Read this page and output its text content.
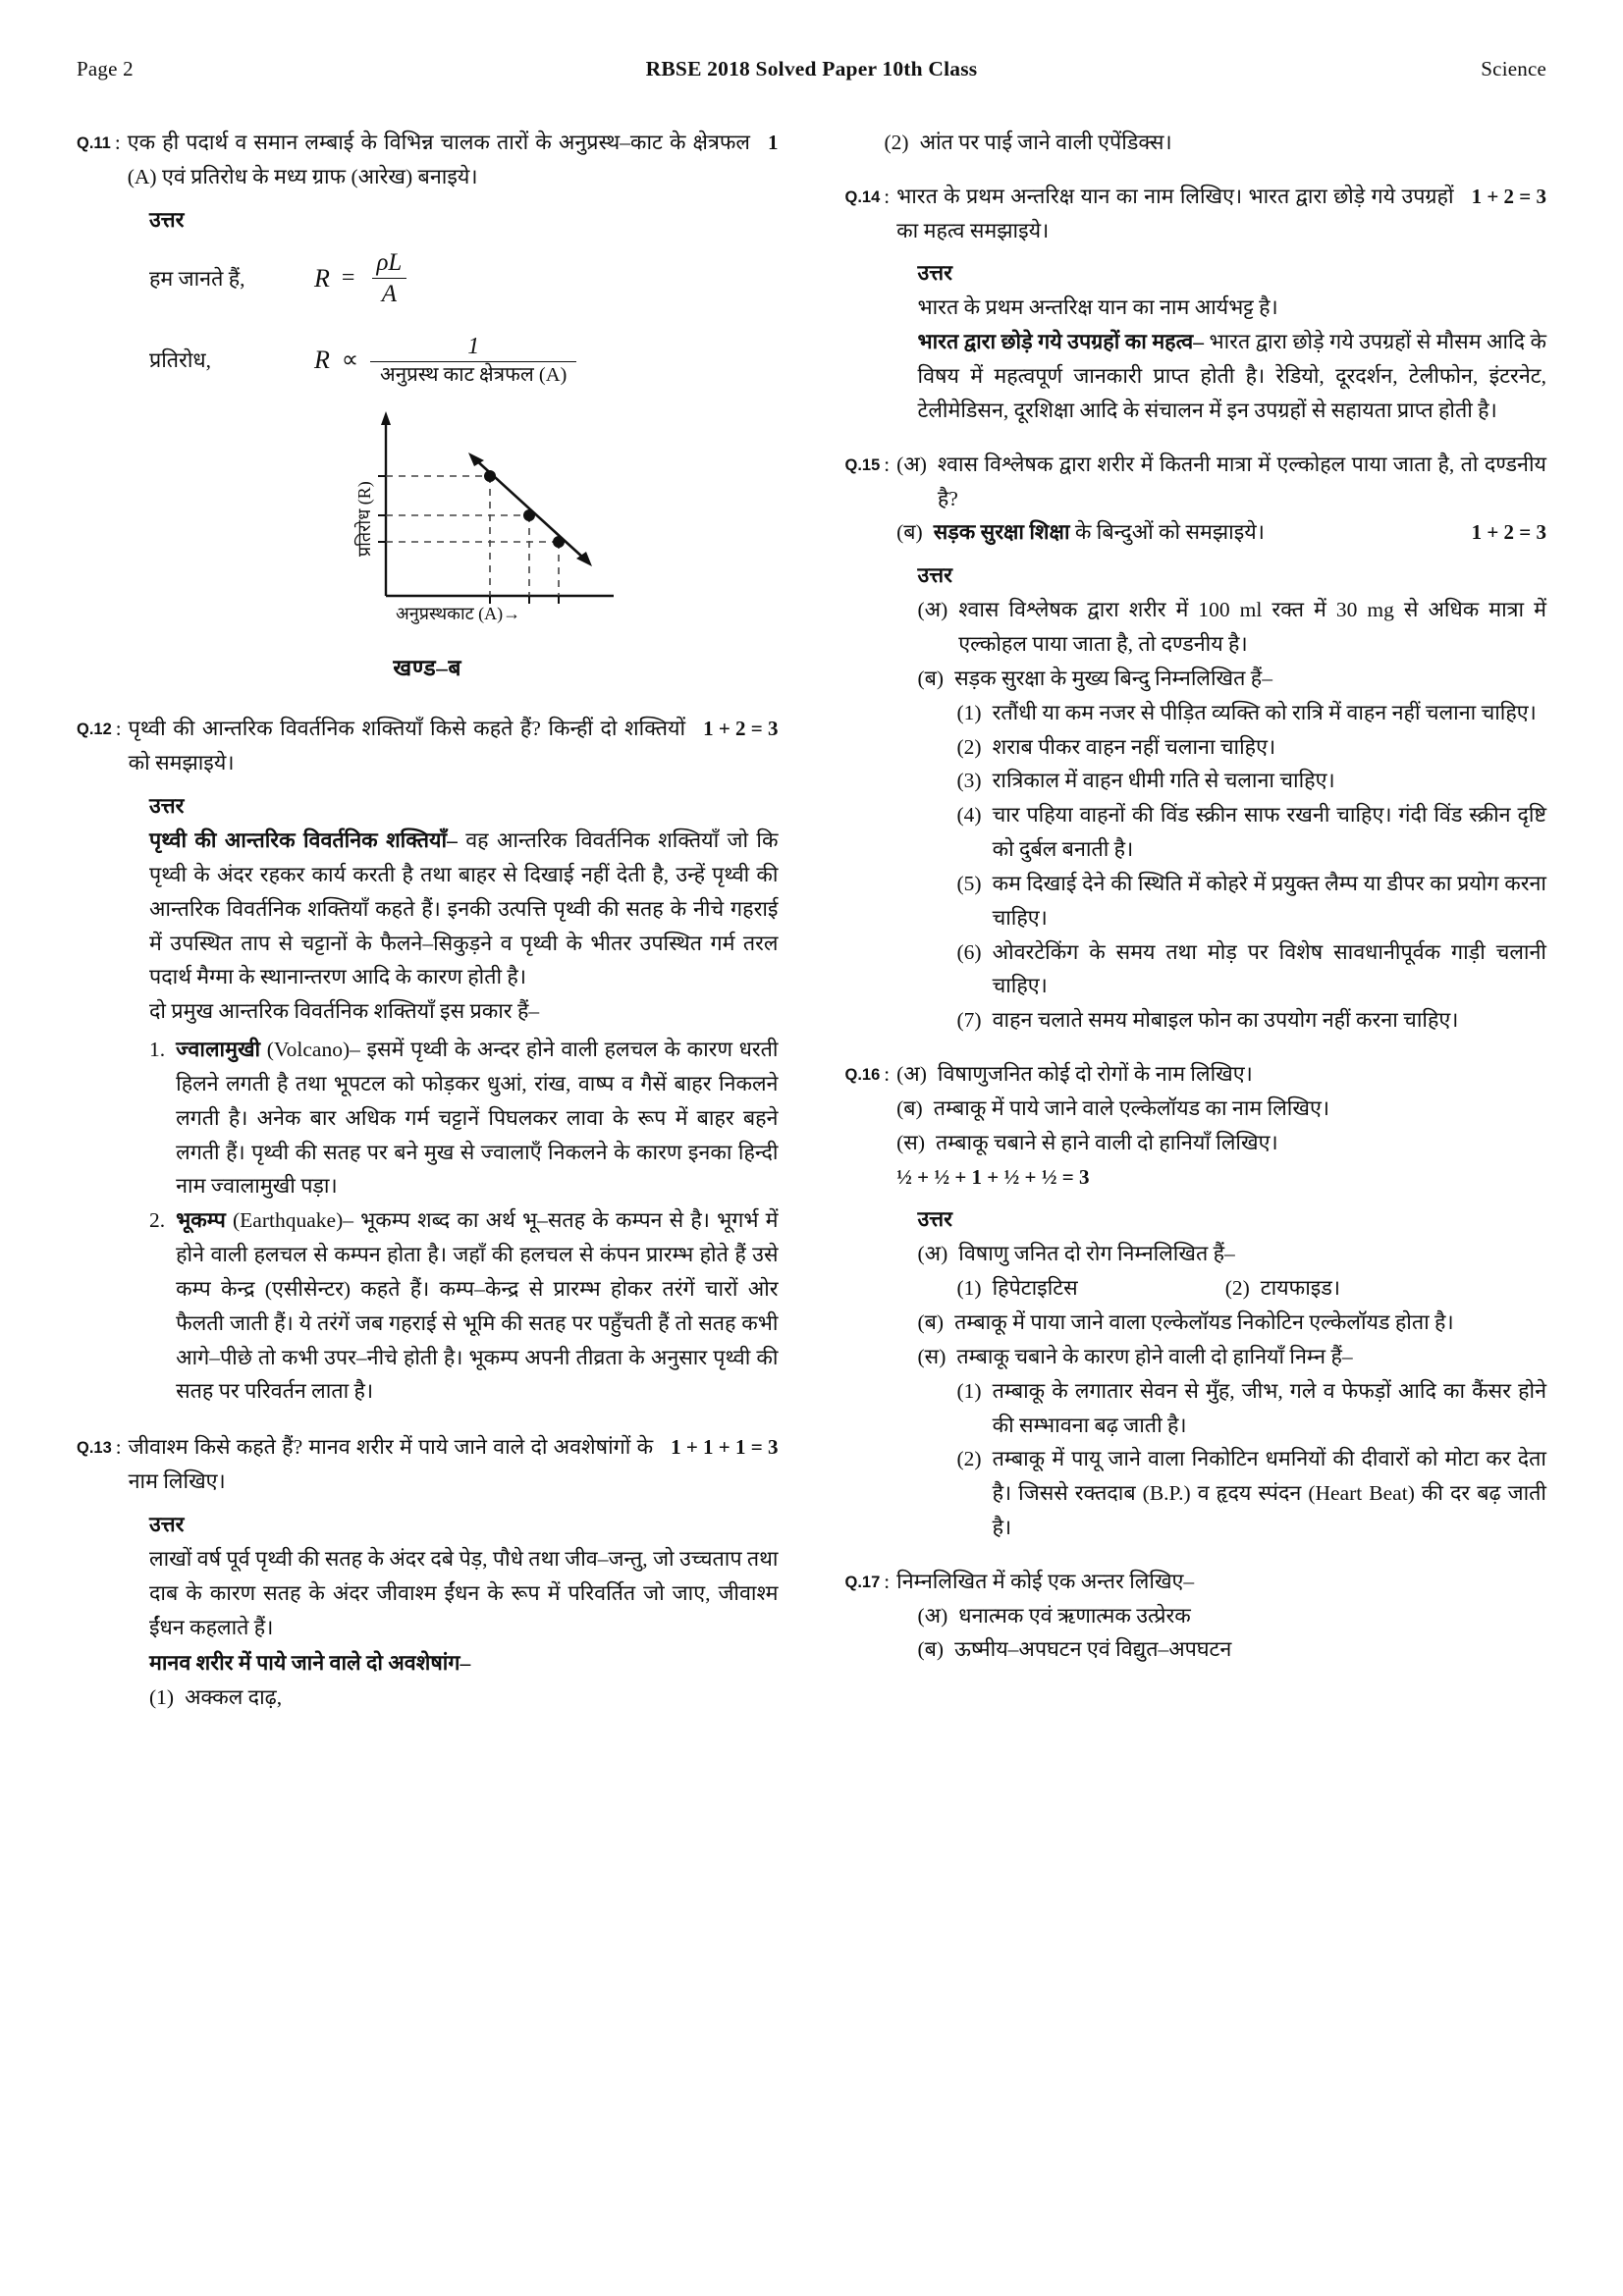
Page 2	RBSE 2018 Solved Paper 10th Class	Science
Q.11 :	1
एक ही पदार्थ व समान लम्बाई के विभिन्न चालक तारों के अनुप्रस्थ–काट के क्षेत्रफल (A) एवं प्रतिरोध के मध्य ग्राफ (आरेख) बनाइये।
उत्तर
हम जानते हैं,	$R = \frac{\rho L}{A}$
प्रतिरोध,	$R \propto \frac{1}{\text{अनुप्रस्थ काट क्षेत्रफल (A)}}$
प्रतिरोध (R)
अनुप्रस्थकाट (A)→
खण्ड–ब
Q.12 :	1 + 2 = 3
पृथ्वी की आन्तरिक विवर्तनिक शक्तियाँ किसे कहते हैं? किन्हीं दो शक्तियों को समझाइये।
उत्तर

पृथ्वी की आन्तरिक विवर्तनिक शक्तियाँ– वह आन्तरिक विवर्तनिक शक्तियाँ जो कि पृथ्वी के अंदर रहकर कार्य करती है तथा बाहर से दिखाई नहीं देती है, उन्हें पृथ्वी की आन्तरिक विवर्तनिक शक्तियाँ कहते हैं। इनकी उत्पत्ति पृथ्वी की सतह के नीचे गहराई में उपस्थित ताप से चट्टानों के फैलने–सिकुड़ने व पृथ्वी के भीतर उपस्थित गर्म तरल पदार्थ मैग्मा के स्थानान्तरण आदि के कारण होती है।

दो प्रमुख आन्तरिक विवर्तनिक शक्तियाँ इस प्रकार हैं–

1. ज्वालामुखी (Volcano)– इसमें पृथ्वी के अन्दर होने वाली हलचल के कारण धरती हिलने लगती है तथा भूपटल को फोड़कर धुआं, रांख, वाष्प व गैसें बाहर निकलने लगती है। अनेक बार अधिक गर्म चट्टानें पिघलकर लावा के रूप में बाहर बहने लगती हैं। पृथ्वी की सतह पर बने मुख से ज्वालाएँ निकलने के कारण इनका हिन्दी नाम ज्वालामुखी पड़ा।
2. भूकम्प (Earthquake)– भूकम्प शब्द का अर्थ भू–सतह के कम्पन से है। भूगर्भ में होने वाली हलचल से कम्पन होता है। जहाँ की हलचल से कंपन प्रारम्भ होते हैं उसे कम्प केन्द्र (एसीसेन्टर) कहते हैं। कम्प–केन्द्र से प्रारम्भ होकर तरंगें चारों ओर फैलती जाती हैं। ये तरंगें जब गहराई से भूमि की सतह पर पहुँचती हैं तो सतह कभी आगे–पीछे तो कभी उपर–नीचे होती है। भूकम्प अपनी तीव्रता के अनुसार पृथ्वी की सतह पर परिवर्तन लाता है।
Q.13 :	1 + 1 + 1 = 3
जीवाश्म किसे कहते हैं? मानव शरीर में पाये जाने वाले दो अवशेषांगों के नाम लिखिए।
उत्तर

लाखों वर्ष पूर्व पृथ्वी की सतह के अंदर दबे पेड़, पौधे तथा जीव–जन्तु, जो उच्चताप तथा दाब के कारण सतह के अंदर जीवाश्म ईंधन के रूप में परिवर्तित जो जाए, जीवाश्म ईंधन कहलाते हैं।

मानव शरीर में पाये जाने वाले दो अवशेषांग–

(1) अक्कल दाढ़,
(2) आंत पर पाई जाने वाली एपेंडिक्स।
Q.14 :	1 + 2 = 3
भारत के प्रथम अन्तरिक्ष यान का नाम लिखिए। भारत द्वारा छोड़े गये उपग्रहों का महत्व समझाइये।
उत्तर

भारत के प्रथम अन्तरिक्ष यान का नाम आर्यभट्ट है।

भारत द्वारा छोड़े गये उपग्रहों का महत्व– भारत द्वारा छोड़े गये उपग्रहों से मौसम आदि के विषय में महत्वपूर्ण जानकारी प्राप्त होती है। रेडियो, दूरदर्शन, टेलीफोन, इंटरनेट, टेलीमेडिसन, दूरशिक्षा आदि के संचालन में इन उपग्रहों से सहायता प्राप्त होती है।

Q.15 : (अ) श्वास विश्लेषक द्वारा शरीर में कितनी मात्रा में एल्कोहल पाया जाता है, तो दण्डनीय है?
(ब)	1 + 2 = 3
सड़क सुरक्षा शिक्षा के बिन्दुओं को समझाइये।
उत्तर
(अ) श्वास विश्लेषक द्वारा शरीर में 100 ml रक्त में 30 mg से अधिक मात्रा में एल्कोहल पाया जाता है, तो दण्डनीय है।
(ब) सड़क सुरक्षा के मुख्य बिन्दु निम्नलिखित हैं–
(1) रतौंधी या कम नजर से पीड़ित व्यक्ति को रात्रि में वाहन नहीं चलाना चाहिए।
(2) शराब पीकर वाहन नहीं चलाना चाहिए।
(3) रात्रिकाल में वाहन धीमी गति से चलाना चाहिए।
(4) चार पहिया वाहनों की विंड स्क्रीन साफ रखनी चाहिए। गंदी विंड स्क्रीन दृष्टि को दुर्बल बनाती है।
(5) कम दिखाई देने की स्थिति में कोहरे में प्रयुक्त लैम्प या डीपर का प्रयोग करना चाहिए।
(6) ओवरटेकिंग के समय तथा मोड़ पर विशेष सावधानीपूर्वक गाड़ी चलानी चाहिए।
(7) वाहन चलाते समय मोबाइल फोन का उपयोग नहीं करना चाहिए।
Q.16 : (अ) विषाणुजनित कोई दो रोगों के नाम लिखिए।
(ब) तम्बाकू में पाये जाने वाले एल्केलॉयड का नाम लिखिए।
(स) तम्बाकू चबाने से हाने वाली दो हानियाँ लिखिए।
½ + ½ + 1 + ½ + ½ = 3
उत्तर
(अ) विषाणु जनित दो रोग निम्नलिखित हैं–
(1) हिपेटाइटिस	(2) टायफाइड।
(ब) तम्बाकू में पाया जाने वाला एल्केलॉयड निकोटिन एल्केलॉयड होता है।
(स) तम्बाकू चबाने के कारण होने वाली दो हानियाँ निम्न हैं–
(1) तम्बाकू के लगातार सेवन से मुँह, जीभ, गले व फेफड़ों आदि का कैंसर होने की सम्भावना बढ़ जाती है।
(2) तम्बाकू में पायू जाने वाला निकोटिन धमनियों की दीवारों को मोटा कर देता है। जिससे रक्तदाब (B.P.) व हृदय स्पंदन (Heart Beat) की दर बढ़ जाती है।
Q.17 : निम्नलिखित में कोई एक अन्तर लिखिए–
(अ) धनात्मक एवं ऋणात्मक उत्प्रेरक
(ब) ऊष्मीय–अपघटन एवं विद्युत–अपघटन
